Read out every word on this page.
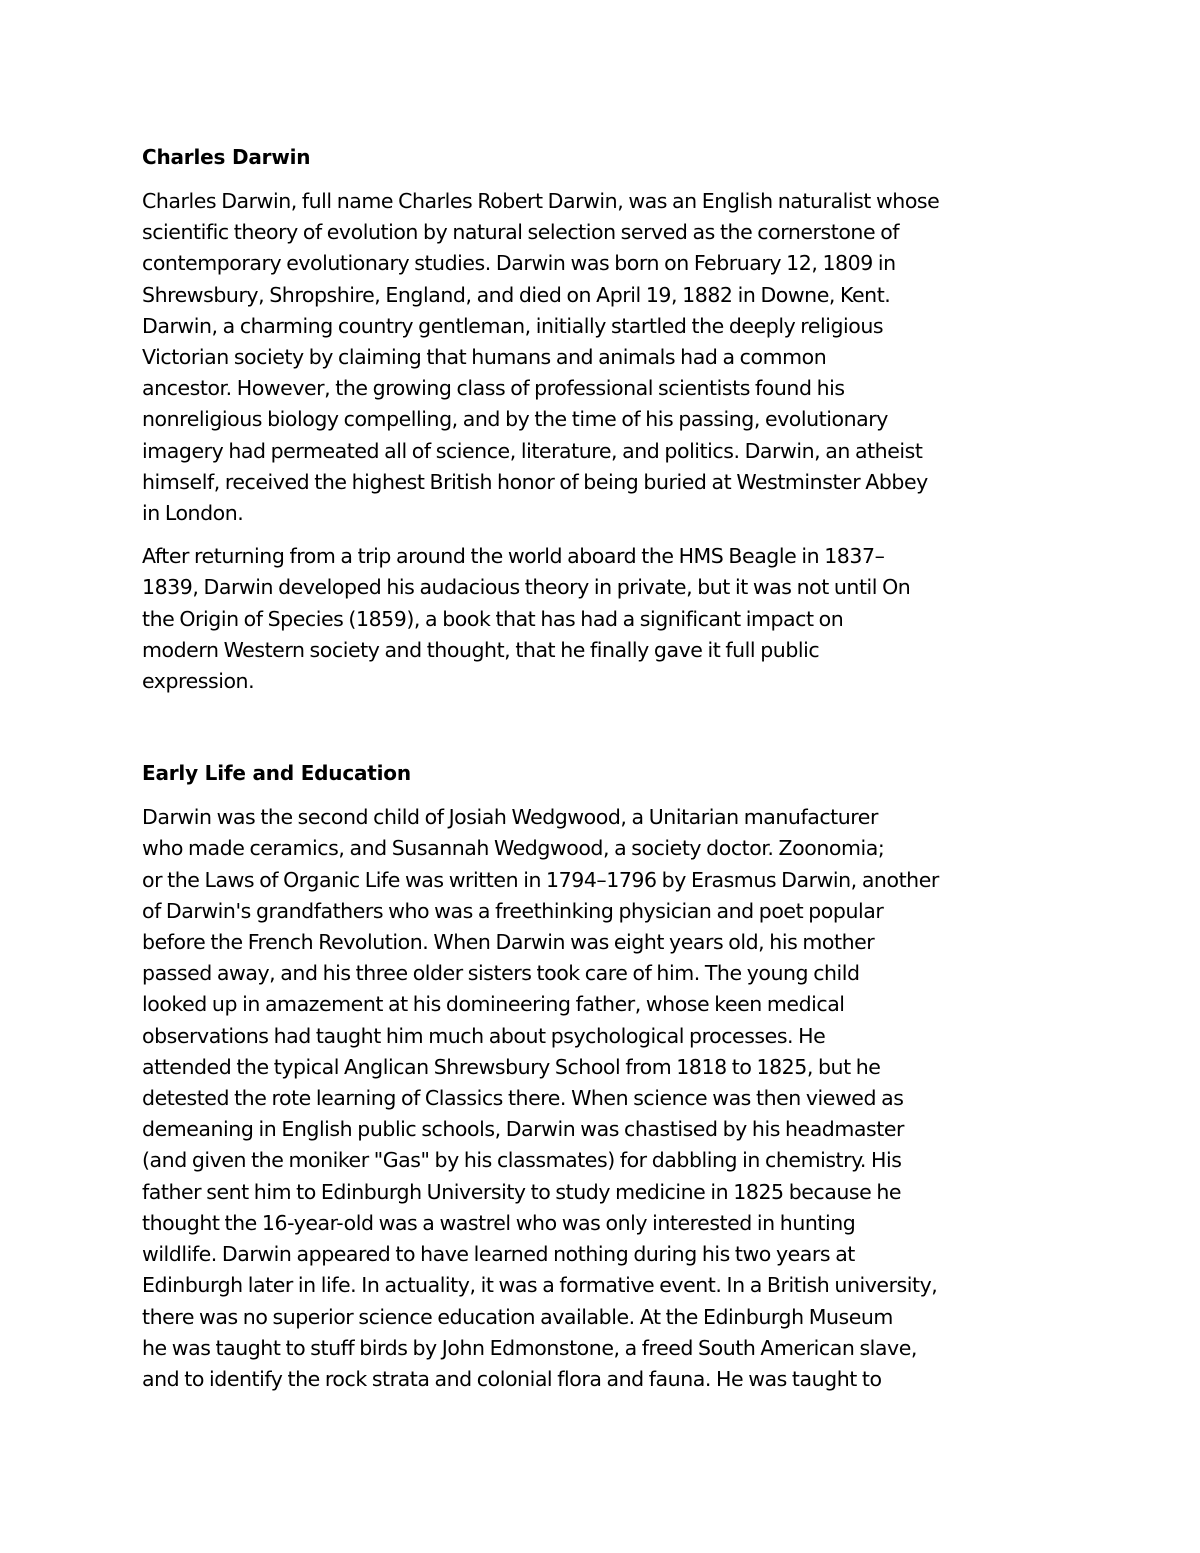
Charles Darwin
Charles Darwin, full name Charles Robert Darwin, was an English naturalist whose
scientific theory of evolution by natural selection served as the cornerstone of
contemporary evolutionary studies. Darwin was born on February 12, 1809 in
Shrewsbury, Shropshire, England, and died on April 19, 1882 in Downe, Kent.
Darwin, a charming country gentleman, initially startled the deeply religious
Victorian society by claiming that humans and animals had a common
ancestor. However, the growing class of professional scientists found his
nonreligious biology compelling, and by the time of his passing, evolutionary
imagery had permeated all of science, literature, and politics. Darwin, an atheist
himself, received the highest British honor of being buried at Westminster Abbey
in London.
After returning from a trip around the world aboard the HMS Beagle in 1837–
1839, Darwin developed his audacious theory in private, but it was not until On
the Origin of Species (1859), a book that has had a significant impact on
modern Western society and thought, that he finally gave it full public
expression.
Early Life and Education
Darwin was the second child of Josiah Wedgwood, a Unitarian manufacturer
who made ceramics, and Susannah Wedgwood, a society doctor. Zoonomia;
or the Laws of Organic Life was written in 1794–1796 by Erasmus Darwin, another
of Darwin's grandfathers who was a freethinking physician and poet popular
before the French Revolution. When Darwin was eight years old, his mother
passed away, and his three older sisters took care of him. The young child
looked up in amazement at his domineering father, whose keen medical
observations had taught him much about psychological processes. He
attended the typical Anglican Shrewsbury School from 1818 to 1825, but he
detested the rote learning of Classics there. When science was then viewed as
demeaning in English public schools, Darwin was chastised by his headmaster
(and given the moniker "Gas" by his classmates) for dabbling in chemistry. His
father sent him to Edinburgh University to study medicine in 1825 because he
thought the 16-year-old was a wastrel who was only interested in hunting
wildlife. Darwin appeared to have learned nothing during his two years at
Edinburgh later in life. In actuality, it was a formative event. In a British university,
there was no superior science education available. At the Edinburgh Museum
he was taught to stuff birds by John Edmonstone, a freed South American slave,
and to identify the rock strata and colonial flora and fauna. He was taught to
